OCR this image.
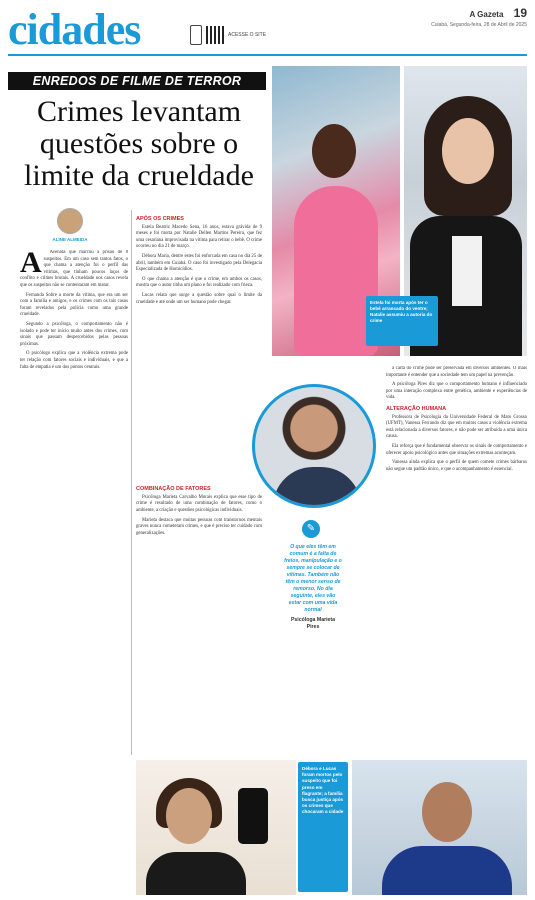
cidades	ACESSE O SITE
A Gazeta 19
Cuiabá, Segunda-feira, 28 de Abril de 2025
ENREDOS DE FILME DE TERROR
Crimes levantam questões sobre o limite da crueldade
ALINE ALMEIDA
A	Avenida que marcou a prisão de 8 suspeitos. Em um caso sem tantos fatos, o que chama a atenção foi o perfil das vítimas, que tinham poucos laços de conflito e crimes brutais. A crueldade nos casos revela que os suspeitos não se contentaram em matar.

Fernanda Sobre a morte da vítima, que era um ser com a família e amigos, e os crimes com os tais casos foram revelados pela polícia como uma grande crueldade.

Segundo a psicóloga, o comportamento não é isolado e pode ter início muito antes dos crimes, com sinais que passam despercebidos pelas pessoas próximas.

O psicólogo explica que a violência extrema pode ter relação com fatores sociais e individuais, e que a falta de empatia é um dos pontos centrais.

APÓS OS CRIMES

Estela Beatriz Macedo Sena, 16 anos, estava grávida de 9 meses e foi morta por Natalie Dellen Martins Pereira, que fez uma cesariana improvisada na vítima para retirar o bebê. O crime ocorreu no dia 21 de março.

Débora Maria, dentre estes foi enforcada em casa no dia 25 de abril, também em Cuiabá. O caso foi investigado pela Delegacia Especializada de Homicídios.

O que chama a atenção é que o crime, em ambos os casos, mostra que o autor tinha um plano e foi realizado com frieza.

Lucas relata que surge a questão sobre qual o limite da crueldade e até onde um ser humano pode chegar.

COMBINAÇÃO DE FATORES

Psicóloga Marieta Carvalho Morais explica que esse tipo de crime é resultado de uma combinação de fatores, como o ambiente, a criação e questões psicológicas individuais.

Marieta destaca que muitas pessoas com transtornos mentais graves nunca cometeram crimes, e que é preciso ter cuidado com generalizações.

a carta do crime pode ser preservada em diversos ambientes. O mais importante é entender que a sociedade tem um papel na prevenção.

A psicóloga Pires diz que o comportamento humano é influenciado por uma interação complexa entre genética, ambiente e experiências de vida.

ALTERAÇÃO HUMANA

Professora de Psicologia da Universidade Federal de Mato Grosso (UFMT), Vanessa Ferrando diz que em muitos casos a violência extrema está relacionada a diversos fatores, e não pode ser atribuída a uma única causa.

Ela reforça que é fundamental observar os sinais de comportamento e oferecer apoio psicológico antes que situações extremas aconteçam.

Vanessa ainda explica que o perfil de quem comete crimes bárbaros não segue um padrão único, e que o acompanhamento é essencial.

Estela foi morta após ter o bebê arrancado do ventre; Natalie assumiu a autoria do crime
✎
O que eles têm em comum é a falta de freios, manipulação e o sempre se colocar de vítimas. Também não têm o menor senso de remorso. No dia seguinte, eles vão estar com uma vida normal
Psicóloga Marieta Pires
Débora e Lucas foram mortos pelo suspeito que foi preso em flagrante; a família busca justiça após os crimes que chocaram a cidade
